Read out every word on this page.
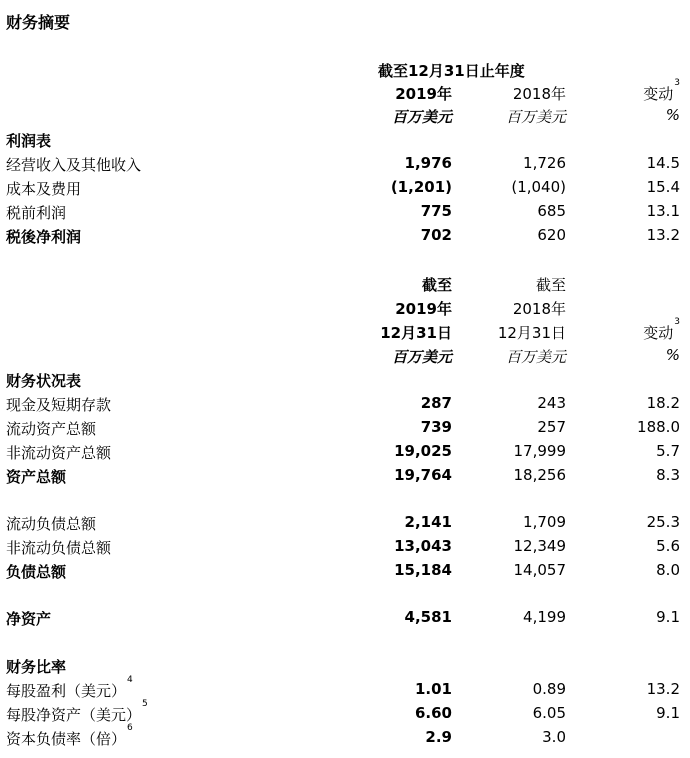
财务摘要
截至12月31日止年度
2019年	2018年	变动$^3$
百万美元	百万美元	%
利润表
经营收入及其他收入	1,976	1,726	14.5
成本及费用	(1,201)	(1,040)	15.4
税前利润	775	685	13.1
税後净利润	702	620	13.2
截至	截至
2019年	2018年
12月31日	12月31日	变动$^3$
百万美元	百万美元	%
财务状况表
现金及短期存款	287	243	18.2
流动资产总额	739	257	188.0
非流动资产总额	19,025	17,999	5.7
资产总额	19,764	18,256	8.3
流动负债总额	2,141	1,709	25.3
非流动负债总额	13,043	12,349	5.6
负债总额	15,184	14,057	8.0
净资产	4,581	4,199	9.1
财务比率
每股盈利（美元）$^4$	1.01	0.89	13.2
每股净资产（美元）$^5$	6.60	6.05	9.1
资本负债率（倍）$^6$	2.9	3.0
